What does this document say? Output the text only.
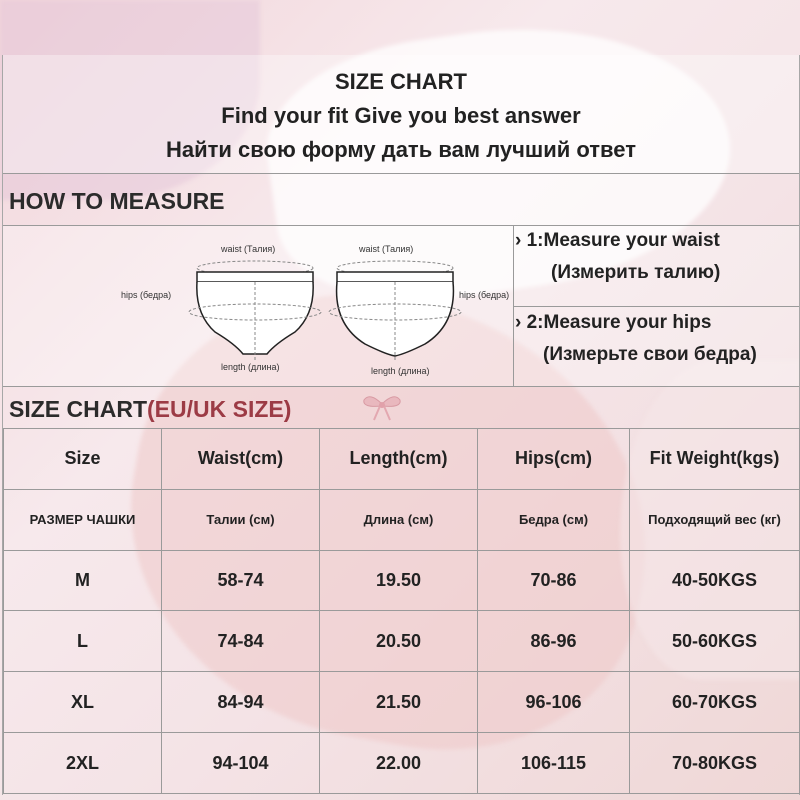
SIZE CHART
Find your fit Give you best answer
Найти свою форму дать вам лучший ответ
HOW TO MEASURE
waist (Талия)
hips (бедра)
length (длина)
waist (Талия)
hips (бедра)
length (длина)
› 1:Measure your waist
(Измерить талию)
› 2:Measure your hips
(Измерьте свои бедра)
SIZE CHART(EU/UK SIZE)
Size	Waist(cm)	Length(cm)	Hips(cm)	Fit Weight(kgs)
РАЗМЕР ЧАШКИ	Талии (см)	Длина (см)	Бедра (см)	Подходящий вес (кг)
M	58-74	19.50	70-86	40-50KGS
L	74-84	20.50	86-96	50-60KGS
XL	84-94	21.50	96-106	60-70KGS
2XL	94-104	22.00	106-115	70-80KGS
